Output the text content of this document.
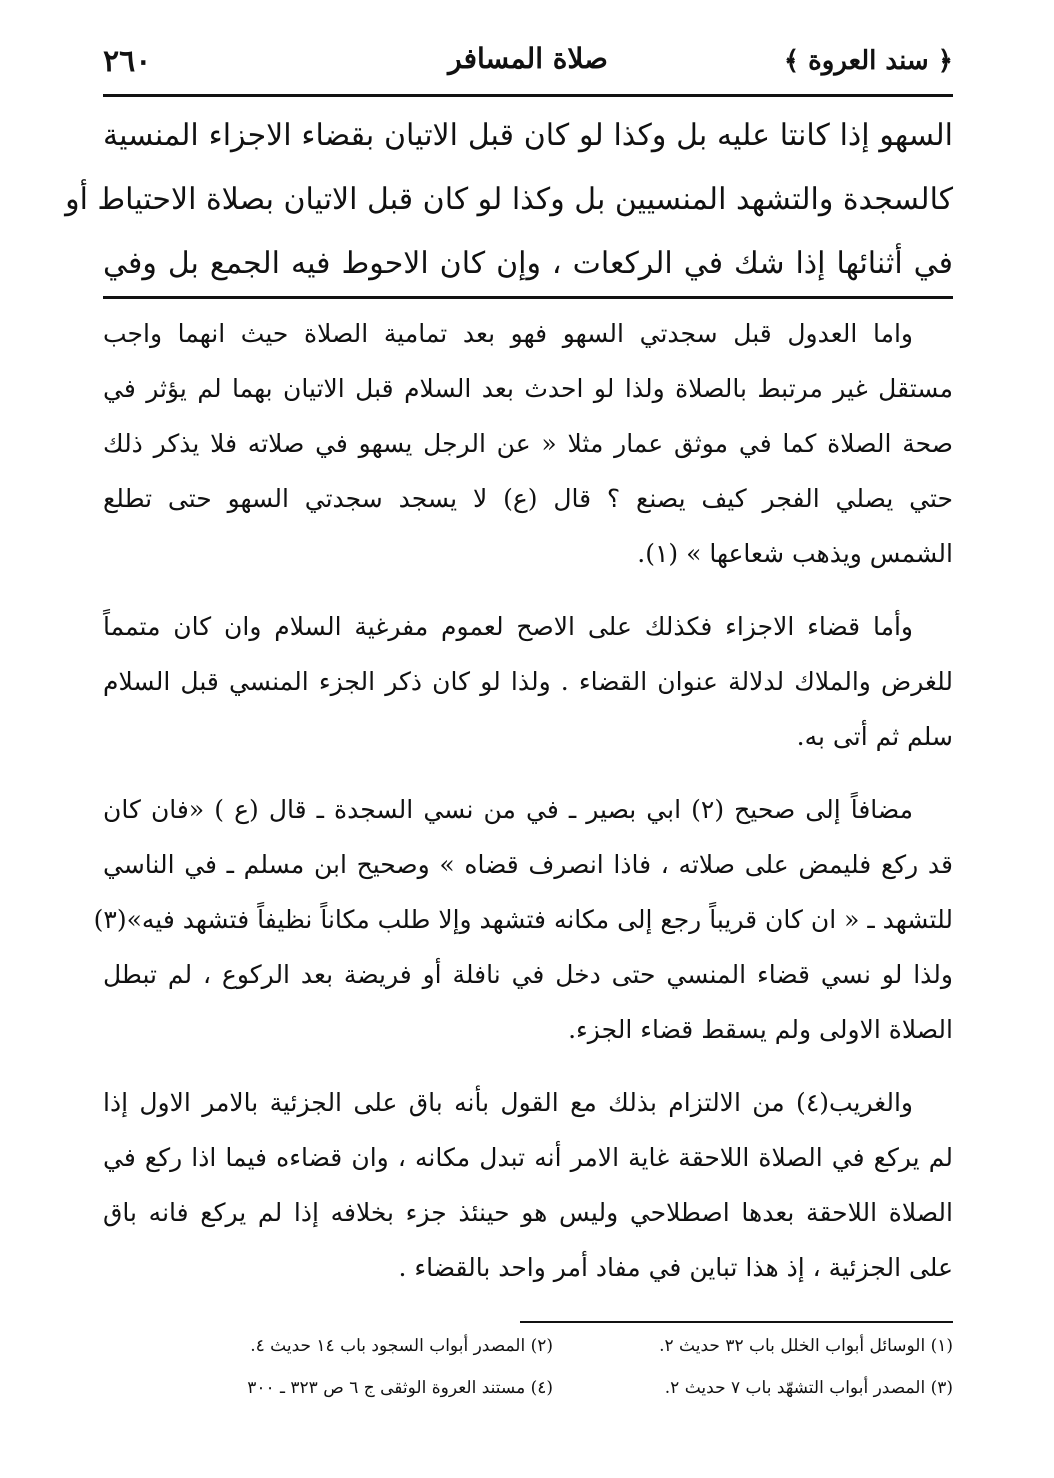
٢٦٠	صلاة المسافر	﴿ سند العروة ﴾
السهو إذا كانتا عليه بل وكذا لو كان قبل الاتيان بقضاء الاجزاء المنسية
كالسجدة والتشهد المنسيين بل وكذا لو كان قبل الاتيان بصلاة الاحتياط أو
في أثنائها إذا شك في الركعات ، وإن كان الاحوط فيه الجمع بل وفي
واما العدول قبل سجدتي السهو فهو بعد تمامية الصلاة حيث انهما واجب
مستقل غير مرتبط بالصلاة ولذا لو احدث بعد السلام قبل الاتيان بهما لم يؤثر في
صحة الصلاة كما في موثق عمار مثلا « عن الرجل يسهو في صلاته فلا يذكر ذلك
حتي يصلي الفجر كيف يصنع ؟ قال (ع) لا يسجد سجدتي السهو حتى تطلع
الشمس ويذهب شعاعها » (١).
وأما قضاء الاجزاء فكذلك على الاصح لعموم مفرغية السلام وان كان متمماً
للغرض والملاك لدلالة عنوان القضاء . ولذا لو كان ذكر الجزء المنسي قبل السلام
سلم ثم أتى به.
مضافاً إلى صحيح (٢) ابي بصير ـ في من نسي السجدة ـ قال (ع ) «فان كان
قد ركع فليمض على صلاته ، فاذا انصرف قضاه » وصحيح ابن مسلم ـ في الناسي
للتشهد ـ « ان كان قريباً رجع إلى مكانه فتشهد وإلا طلب مكاناً نظيفاً فتشهد فيه»(٣)
ولذا لو نسي قضاء المنسي حتى دخل في نافلة أو فريضة بعد الركوع ، لم تبطل
الصلاة الاولى ولم يسقط قضاء الجزء.
والغريب(٤) من الالتزام بذلك مع القول بأنه باق على الجزئية بالامر الاول إذا
لم يركع في الصلاة اللاحقة غاية الامر أنه تبدل مكانه ، وان قضاءه فيما اذا ركع في
الصلاة اللاحقة بعدها اصطلاحي وليس هو حينئذ جزء بخلافه إذا لم يركع فانه باق
على الجزئية ، إذ هذا تباين في مفاد أمر واحد بالقضاء .
(١) الوسائل أبواب الخلل باب ٣٢ حديث ٢.
(٢) المصدر أبواب السجود باب ١٤ حديث ٤.
(٣) المصدر أبواب التشهّد باب ٧ حديث ٢.
(٤) مستند العروة الوثقى ج ٦ ص ٣٢٣ ـ ٣٠٠
